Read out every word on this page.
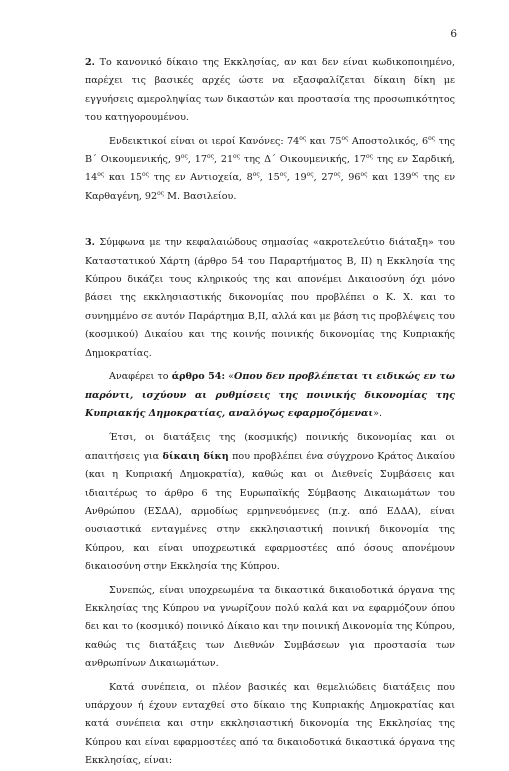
6

2. Το κανονικό δίκαιο της Εκκλησίας, αν και δεν είναι κωδικοποιημένο, παρέχει τις βασικές αρχές ώστε να εξασφαλίζεται δίκαιη δίκη με εγγυήσεις αμεροληψίας των δικαστών και προστασία της προσωπικότητος του κατηγορουμένου.

Ενδεικτικοί είναι οι ιεροί Κανόνες: $74^{o\varsigma}$ και $75^{o\varsigma}$ Αποστολικός, $6^{o\varsigma}$ της Β΄ Οικουμενικής, $9^{o\varsigma}$, $17^{o\varsigma}$, $21^{o\varsigma}$ της Δ΄ Οικουμενικής, $17^{o\varsigma}$ της εν Σαρδική, $14^{o\varsigma}$ και $15^{o\varsigma}$ της εν Αντιοχεία, $8^{o\varsigma}$, $15^{o\varsigma}$, $19^{o\varsigma}$, $27^{o\varsigma}$, $96^{o\varsigma}$ και $139^{o\varsigma}$ της εν Καρθαγένη, $92^{o\varsigma}$ Μ. Βασιλείου.

3. Σύμφωνα με την κεφαλαιώδους σημασίας «ακροτελεύτιο διάταξη» του Καταστατικού Χάρτη (άρθρο 54 του Παραρτήματος Β, ΙΙ) η Εκκλησία της Κύπρου δικάζει τους κληρικούς της και απονέμει Δικαιοσύνη όχι μόνο βάσει της εκκλησιαστικής δικονομίας που προβλέπει ο Κ. Χ. και το συνημμένο σε αυτόν Παράρτημα Β,ΙΙ, αλλά και με βάση τις προβλέψεις του (κοσμικού) Δικαίου και της κοινής ποινικής δικονομίας της Κυπριακής Δημοκρατίας.

Αναφέρει το άρθρο 54: «Οπου δεν προβλέπεται τι ειδικώς εν τω παρόντι, ισχύουν αι ρυθμίσεις της ποινικής δικονομίας της Κυπριακής Δημοκρατίας, αναλόγως εφαρμοζόμεναι».

Έτσι, οι διατάξεις της (κοσμικής) ποινικής δικονομίας και οι απαιτήσεις για δίκαιη δίκη που προβλέπει ένα σύγχρονο Κράτος Δικαίου (και η Κυπριακή Δημοκρατία), καθώς και οι Διεθνείς Συμβάσεις και ιδιαιτέρως το άρθρο 6 της Ευρωπαϊκής Σύμβασης Δικαιωμάτων του Ανθρώπου (ΕΣΔΑ), αρμοδίως ερμηνευόμενες (π.χ. από ΕΔΔΑ), είναι ουσιαστικά ενταγμένες στην εκκλησιαστική ποινική δικονομία της Κύπρου, και είναι υποχρεωτικά εφαρμοστέες από όσους απονέμουν δικαιοσύνη στην Εκκλησία της Κύπρου.

Συνεπώς, είναι υποχρεωμένα τα δικαστικά δικαιοδοτικά όργανα της Εκκλησίας της Κύπρου να γνωρίζουν πολύ καλά και να εφαρμόζουν όπου δει και το (κοσμικό) ποινικό Δίκαιο και την ποινική Δικονομία της Κύπρου, καθώς τις διατάξεις των Διεθνών Συμβάσεων για προστασία των ανθρωπίνων Δικαιωμάτων.

Κατά συνέπεια, οι πλέον βασικές και θεμελιώδεις διατάξεις που υπάρχουν ή έχουν ενταχθεί στο δίκαιο της Κυπριακής Δημοκρατίας και κατά συνέπεια και στην εκκλησιαστική δικονομία της Εκκλησίας της Κύπρου και είναι εφαρμοστέες από τα δικαιοδοτικά δικαστικά όργανα της Εκκλησίας, είναι:
